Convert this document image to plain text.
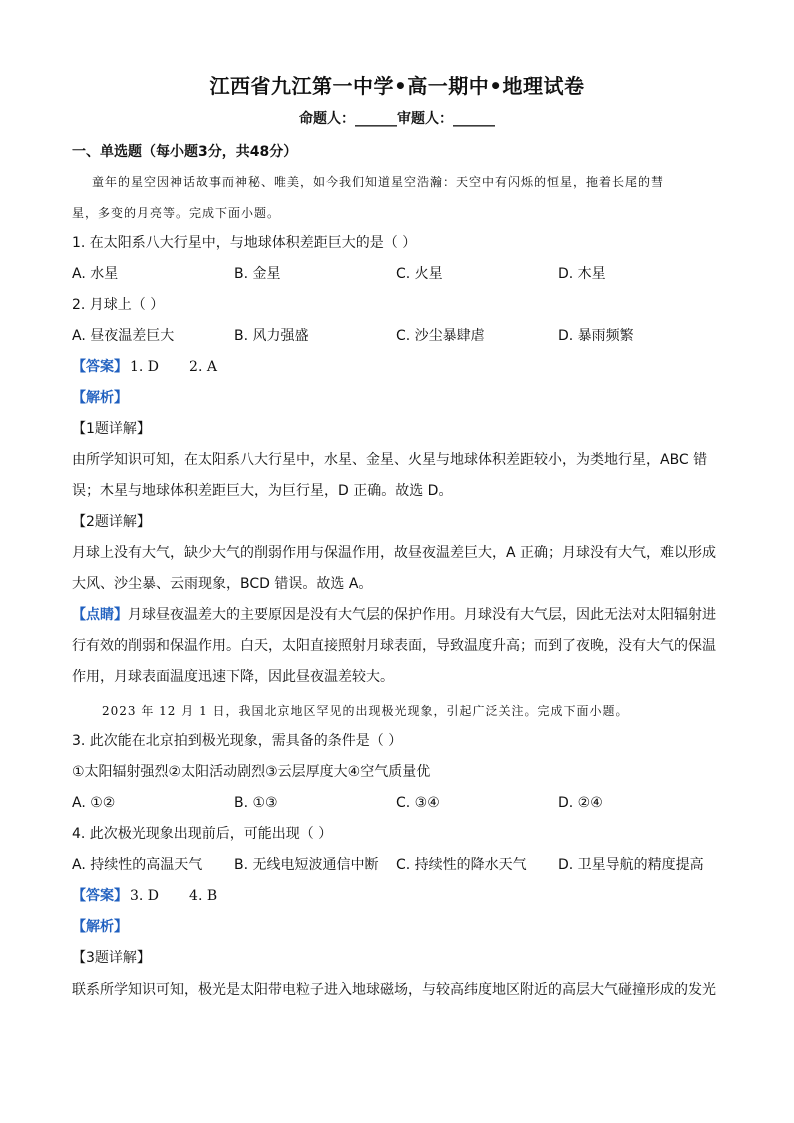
江西省九江第一中学•高一期中•地理试卷
命题人：______审题人：______
一、单选题（每小题3分，共48分）
童年的星空因神话故事而神秘、唯美，如今我们知道星空浩瀚：天空中有闪烁的恒星，拖着长尾的彗
星，多变的月亮等。完成下面小题。
1. 在太阳系八大行星中，与地球体积差距巨大的是（ ）
A. 水星	B. 金星	C. 火星	D. 木星
2. 月球上（ ）
A. 昼夜温差巨大	B. 风力强盛	C. 沙尘暴肆虐	D. 暴雨频繁
【答案】 1. D 2. A
【解析】
【1题详解】
由所学知识可知，在太阳系八大行星中，水星、金星、火星与地球体积差距较小，为类地行星，ABC 错
误；木星与地球体积差距巨大，为巨行星，D 正确。故选 D。
【2题详解】
月球上没有大气，缺少大气的削弱作用与保温作用，故昼夜温差巨大，A 正确；月球没有大气，难以形成
大风、沙尘暴、云雨现象，BCD 错误。故选 A。
【点睛】月球昼夜温差大的主要原因是没有大气层的保护作用。月球没有大气层，因此无法对太阳辐射进
行有效的削弱和保温作用。白天，太阳直接照射月球表面，导致温度升高；而到了夜晚，没有大气的保温
作用，月球表面温度迅速下降，因此昼夜温差较大。
2023 年 12 月 1 日，我国北京地区罕见的出现极光现象，引起广泛关注。完成下面小题。
3. 此次能在北京拍到极光现象，需具备的条件是（ ）
①太阳辐射强烈②太阳活动剧烈③云层厚度大④空气质量优
A. ①②	B. ①③	C. ③④	D. ②④
4. 此次极光现象出现前后，可能出现（ ）
A. 持续性的高温天气 B. 无线电短波通信中断 C. 持续性的降水天气 D. 卫星导航的精度提高
【答案】 3. D 4. B
【解析】
【3题详解】
联系所学知识可知，极光是太阳带电粒子进入地球磁场，与较高纬度地区附近的高层大气碰撞形成的发光
